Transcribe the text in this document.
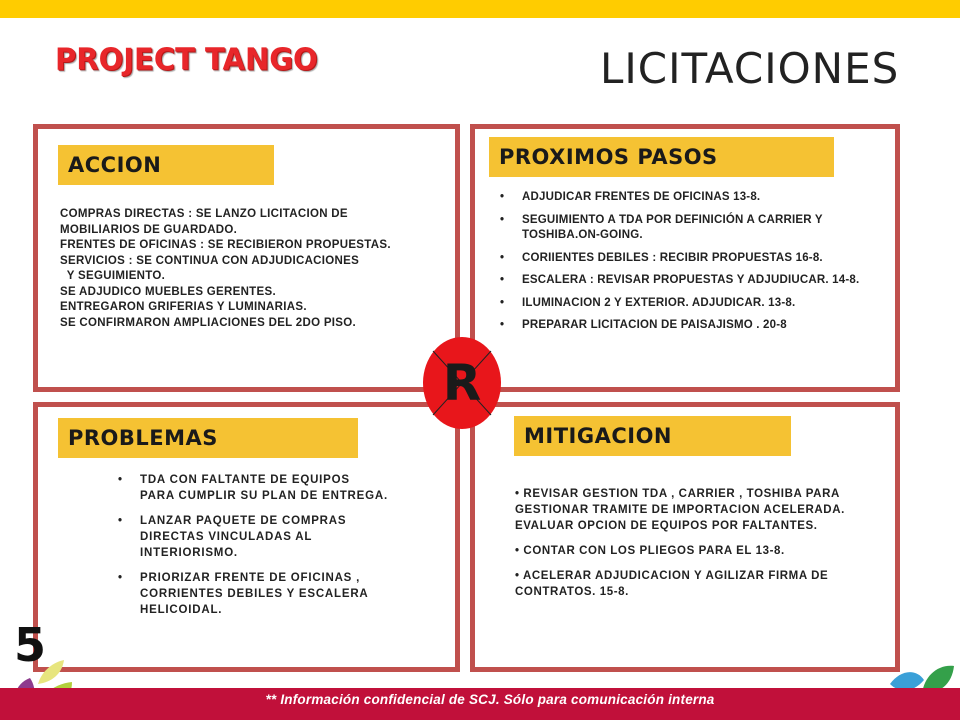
PROJECT TANGO	LICITACIONES
ACCION	PROXIMOS PASOS
PROBLEMAS	MITIGACION
COMPRAS DIRECTAS : SE LANZO LICITACION DE
MOBILIARIOS DE GUARDADO.
FRENTES DE OFICINAS : SE RECIBIERON PROPUESTAS.
SERVICIOS : SE CONTINUA CON ADJUDICACIONES
Y SEGUIMIENTO.
SE ADJUDICO MUEBLES GERENTES.
ENTREGARON GRIFERIAS Y LUMINARIAS.
SE CONFIRMARON AMPLIACIONES DEL 2DO PISO.
• ADJUDICAR FRENTES DE OFICINAS 13-8.
• SEGUIMIENTO A TDA POR DEFINICIÓN A CARRIER Y TOSHIBA.ON-GOING.
• CORIIENTES DEBILES : RECIBIR PROPUESTAS 16-8.
• ESCALERA : REVISAR PROPUESTAS Y ADJUDIUCAR. 14-8.
• ILUMINACION 2 Y EXTERIOR. ADJUDICAR. 13-8.
• PREPARAR LICITACION DE PAISAJISMO . 20-8
• TDA CON FALTANTE DE EQUIPOS PARA CUMPLIR SU PLAN DE ENTREGA.
• LANZAR PAQUETE DE COMPRAS DIRECTAS VINCULADAS AL INTERIORISMO.
• PRIORIZAR FRENTE DE OFICINAS , CORRIENTES DEBILES Y ESCALERA HELICOIDAL.

• REVISAR GESTION TDA , CARRIER , TOSHIBA PARA GESTIONAR TRAMITE DE IMPORTACION ACELERADA. EVALUAR OPCION DE EQUIPOS POR FALTANTES.

• CONTAR CON LOS PLIEGOS PARA EL 13-8.

• ACELERAR ADJUDICACION Y AGILIZAR FIRMA DE CONTRATOS. 15-8.

R
5
** Información confidencial de SCJ. Sólo para comunicación interna
